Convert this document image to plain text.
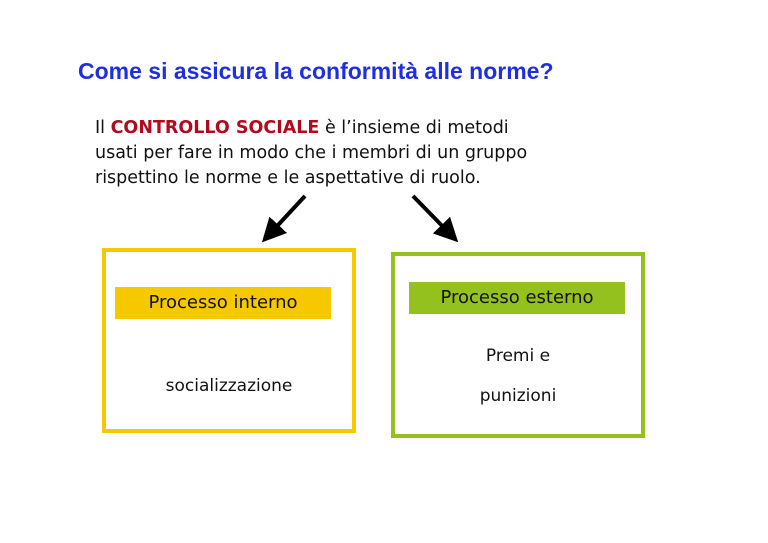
Come si assicura la conformità alle norme?
Il CONTROLLO SOCIALE è l’insieme di metodi
usati per fare in modo che i membri di un gruppo
rispettino le norme e le aspettative di ruolo.
Processo interno	Processo esterno
socializzazione
Premi e
punizioni
